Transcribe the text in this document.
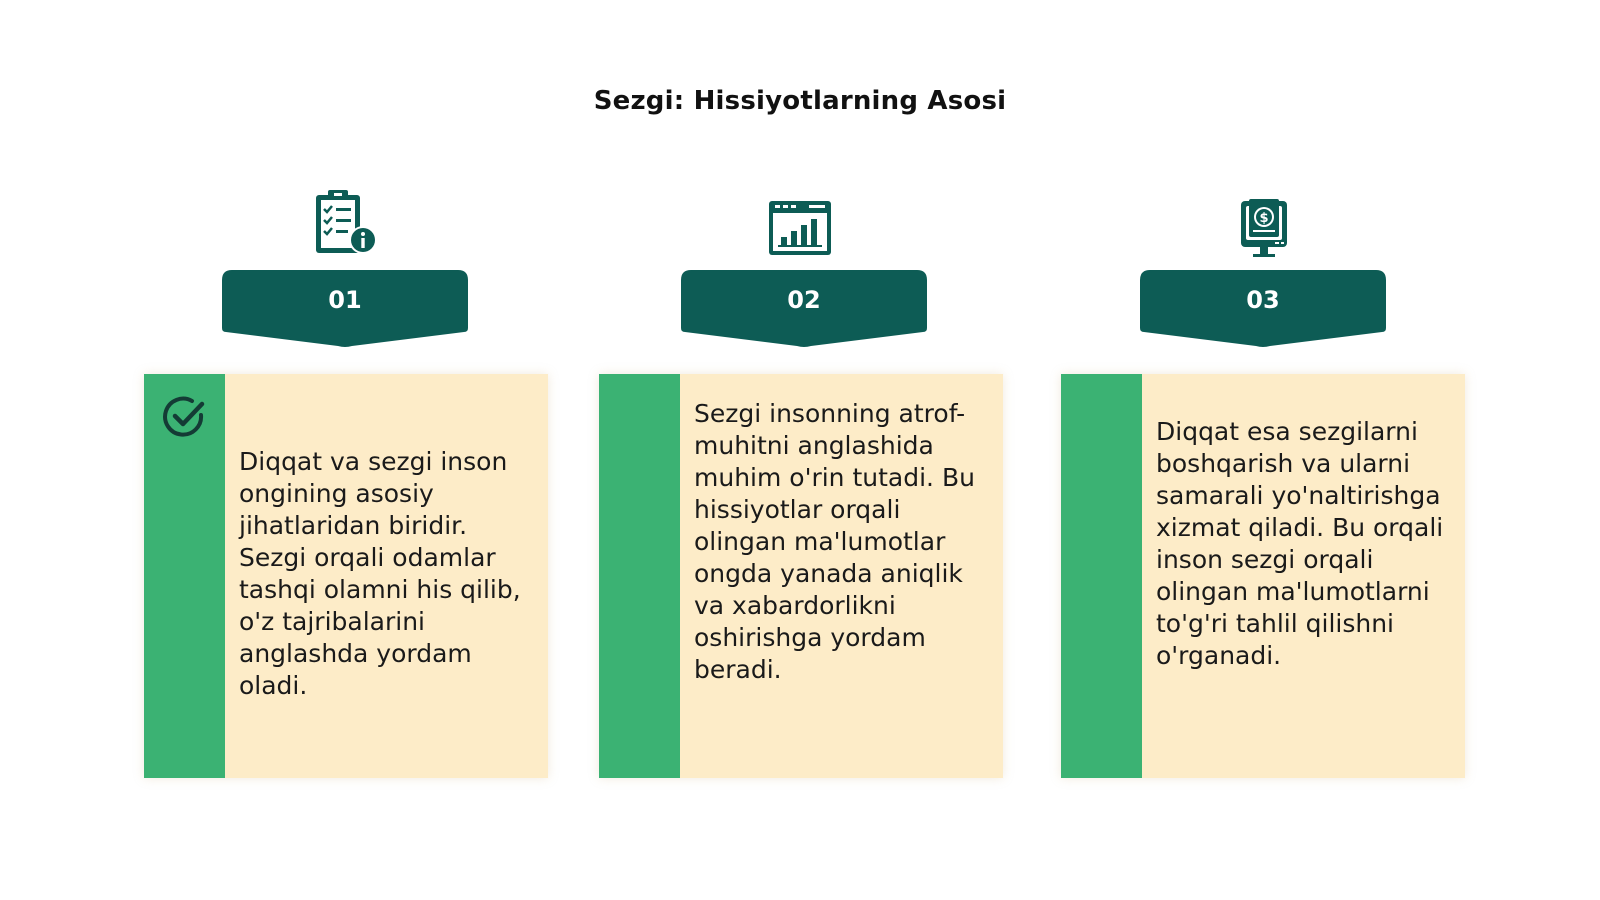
Sezgi: Hissiyotlarning Asosi
01
Diqqat va sezgi inson ongining asosiy jihatlaridan biridir. Sezgi orqali odamlar tashqi olamni his qilib, o'z tajribalarini anglashda yordam oladi.
02
Sezgi insonning atrof-muhitni anglashida muhim o'rin tutadi. Bu hissiyotlar orqali olingan ma'lumotlar ongda yanada aniqlik va xabardorlikni oshirishga yordam beradi.
$
03
Diqqat esa sezgilarni boshqarish va ularni samarali yo'naltirishga xizmat qiladi. Bu orqali inson sezgi orqali olingan ma'lumotlarni to'g'ri tahlil qilishni o'rganadi.
